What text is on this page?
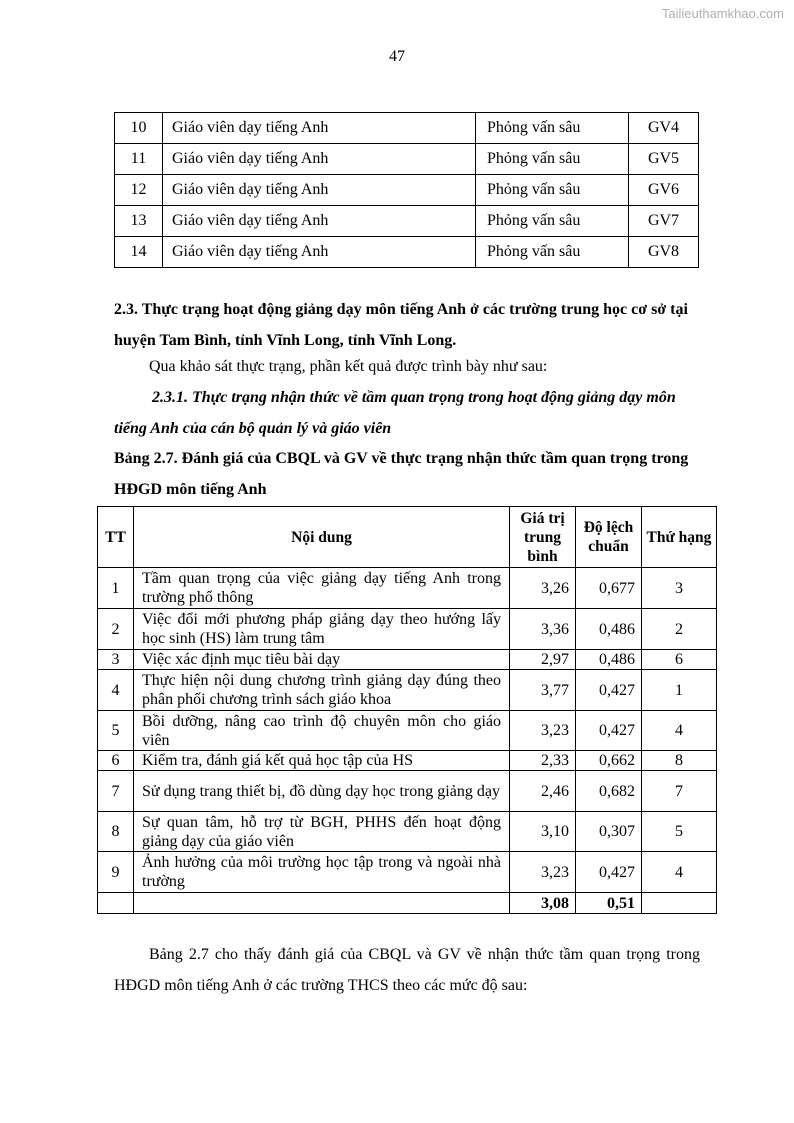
Tailieuthamkhao.com
47
10	Giáo viên dạy tiếng Anh	Phỏng vấn sâu	GV4
11	Giáo viên dạy tiếng Anh	Phỏng vấn sâu	GV5
12	Giáo viên dạy tiếng Anh	Phỏng vấn sâu	GV6
13	Giáo viên dạy tiếng Anh	Phỏng vấn sâu	GV7
14	Giáo viên dạy tiếng Anh	Phỏng vấn sâu	GV8
2.3. Thực trạng hoạt động giảng dạy môn tiếng Anh ở các trường trung học cơ sở tại huyện Tam Bình, tỉnh Vĩnh Long, tỉnh Vĩnh Long.
Qua khảo sát thực trạng, phần kết quả được trình bày như sau:
2.3.1. Thực trạng nhận thức về tầm quan trọng trong hoạt động giảng dạy môn tiếng Anh của cán bộ quản lý và giáo viên
Bảng 2.7. Đánh giá của CBQL và GV về thực trạng nhận thức tầm quan trọng trong HĐGD môn tiếng Anh
TT	Nội dung	Giá trị trung bình	Độ lệch chuẩn	Thứ hạng
1	Tầm quan trọng của việc giảng dạy tiếng Anh trong trường phổ thông	3,26	0,677	3
2	Việc đổi mới phương pháp giảng dạy theo hướng lấy học sinh (HS) làm trung tâm	3,36	0,486	2
3	Việc xác định mục tiêu bài dạy	2,97	0,486	6
4	Thực hiện nội dung chương trình giảng dạy đúng theo phân phối chương trình sách giáo khoa	3,77	0,427	1
5	Bồi dưỡng, nâng cao trình độ chuyên môn cho giáo viên	3,23	0,427	4
6	Kiểm tra, đánh giá kết quả học tập của HS	2,33	0,662	8
7	Sử dụng trang thiết bị, đồ dùng dạy học trong giảng dạy	2,46	0,682	7
8	Sự quan tâm, hỗ trợ từ BGH, PHHS đến hoạt động giảng dạy của giáo viên	3,10	0,307	5
9	Ảnh hưởng của môi trường học tập trong và ngoài nhà trường	3,23	0,427	4
		3,08	0,51	
Bảng 2.7 cho thấy đánh giá của CBQL và GV về nhận thức tầm quan trọng trong HĐGD môn tiếng Anh ở các trường THCS theo các mức độ sau:
